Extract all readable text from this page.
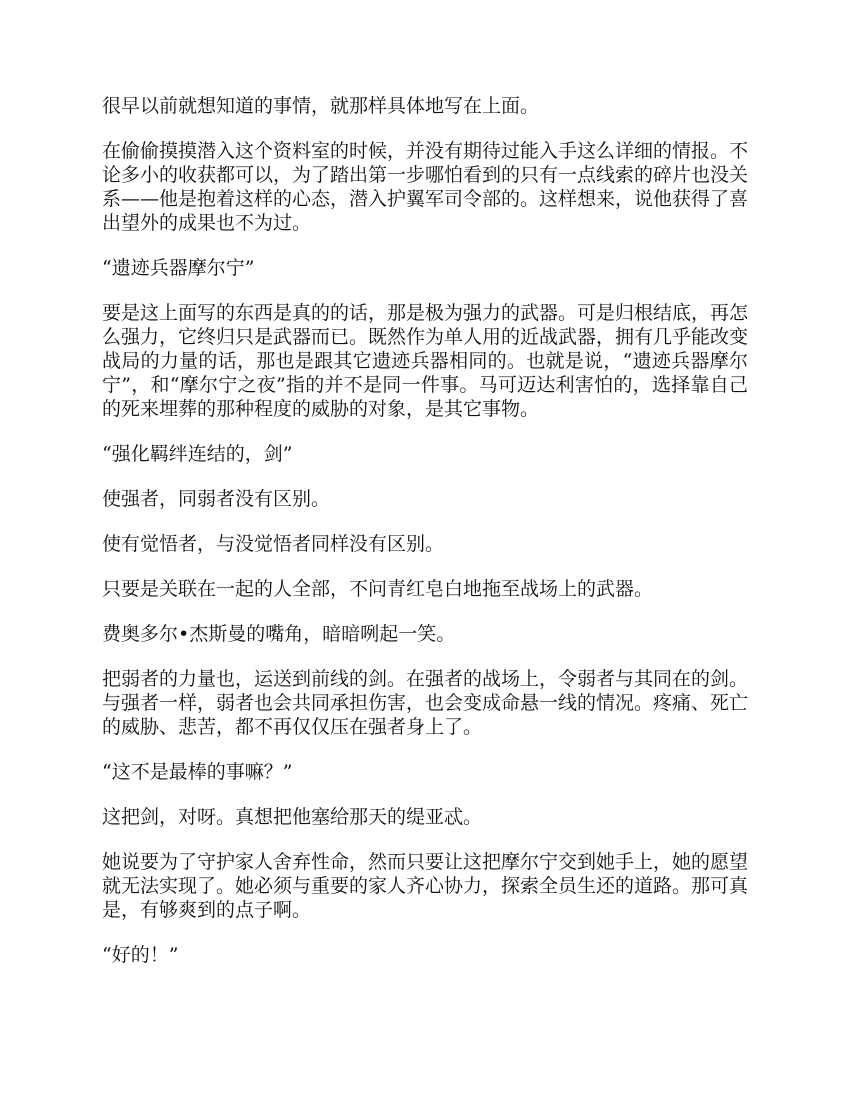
很早以前就想知道的事情，就那样具体地写在上面。

在偷偷摸摸潜入这个资料室的时候，并没有期待过能入手这么详细的情报。不论多小的收获都可以，为了踏出第一步哪怕看到的只有一点线索的碎片也没关系——他是抱着这样的心态，潜入护翼军司令部的。这样想来，说他获得了喜出望外的成果也不为过。

“遗迹兵器摩尔宁”

要是这上面写的东西是真的的话，那是极为强力的武器。可是归根结底，再怎么强力，它终归只是武器而已。既然作为单人用的近战武器，拥有几乎能改变战局的力量的话，那也是跟其它遗迹兵器相同的。也就是说，“遗迹兵器摩尔宁”，和“摩尔宁之夜”指的并不是同一件事。马可迈达利害怕的，选择靠自己的死来埋葬的那种程度的威胁的对象，是其它事物。

“强化羁绊连结的，剑”

使强者，同弱者没有区别。

使有觉悟者，与没觉悟者同样没有区别。

只要是关联在一起的人全部，不问青红皂白地拖至战场上的武器。

费奥多尔•杰斯曼的嘴角，暗暗咧起一笑。

把弱者的力量也，运送到前线的剑。在强者的战场上，令弱者与其同在的剑。与强者一样，弱者也会共同承担伤害，也会变成命悬一线的情况。疼痛、死亡的威胁、悲苦，都不再仅仅压在强者身上了。

“这不是最棒的事嘛？”

这把剑，对呀。真想把他塞给那天的缇亚忒。

她说要为了守护家人舍弃性命，然而只要让这把摩尔宁交到她手上，她的愿望就无法实现了。她必须与重要的家人齐心协力，探索全员生还的道路。那可真是，有够爽到的点子啊。

“好的！”
